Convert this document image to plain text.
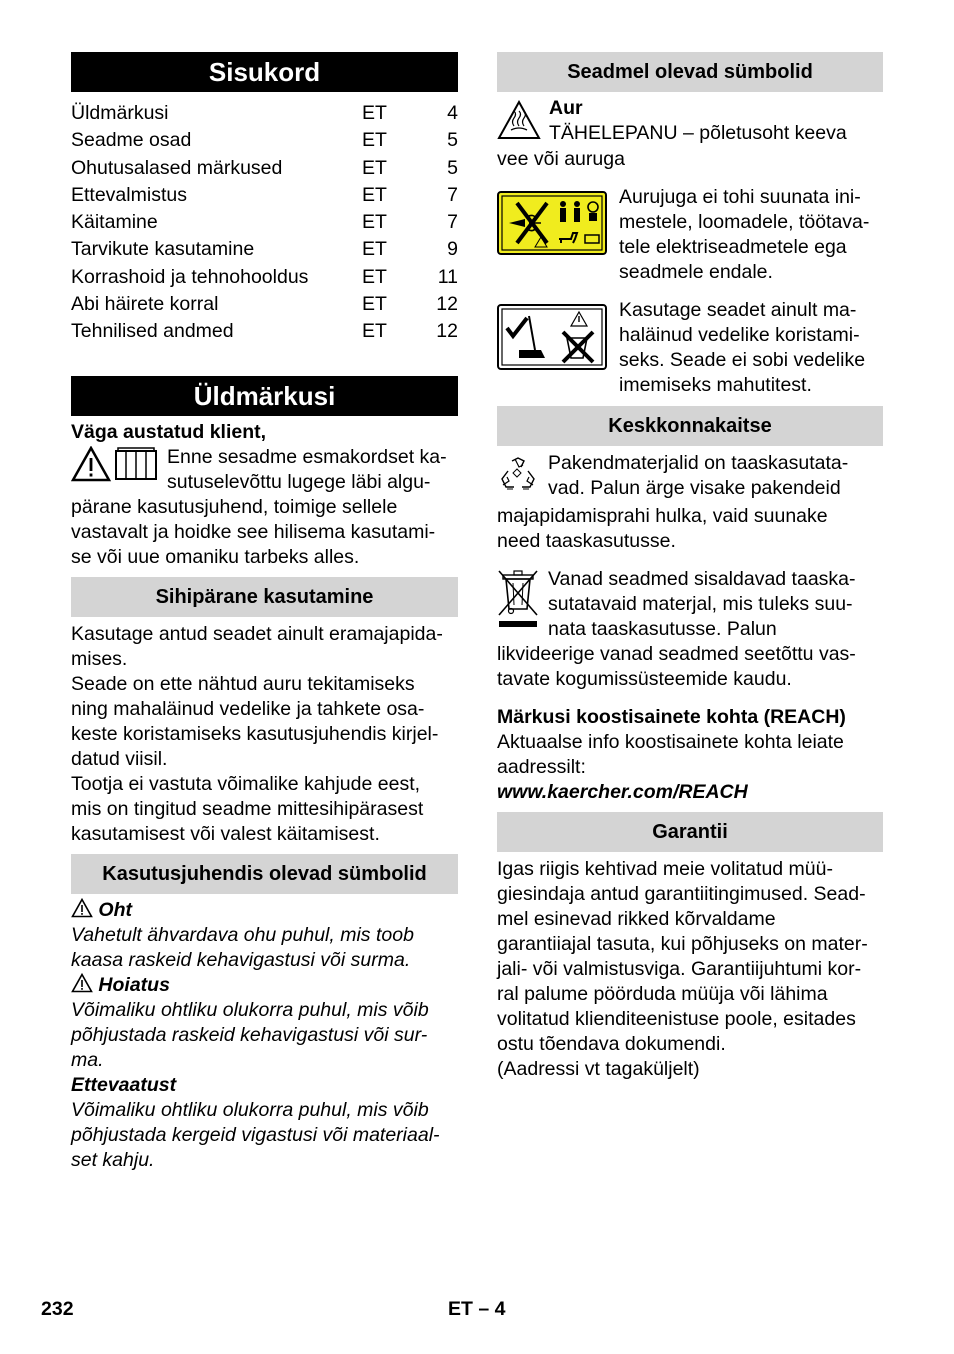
Sisukord
Üldmärkusi	ET	4
Seadme osad	ET	5
Ohutusalased märkused	ET	5
Ettevalmistus	ET	7
Käitamine	ET	7
Tarvikute kasutamine	ET	9
Korrashoid ja tehnohooldus	ET	11
Abi häirete korral	ET	12
Tehnilised andmed	ET	12
Üldmärkusi
Väga austatud klient,
Enne sesadme esmakordset ka-
sutuselevõttu lugege läbi algu-
pärane kasutusjuhend, toimige sellele
vastavalt ja hoidke see hilisema kasutami-
se või uue omaniku tarbeks alles.
Sihipärane kasutamine
Kasutage antud seadet ainult eramajapida-
mises.
Seade on ette nähtud auru tekitamiseks
ning mahaläinud vedelike ja tahkete osa-
keste koristamiseks kasutusjuhendis kirjel-
datud viisil.
Tootja ei vastuta võimalike kahjude eest,
mis on tingitud seadme mittesihipärasest
kasutamisest või valest käitamisest.
Kasutusjuhendis olevad sümbolid
Oht
Vahetult ähvardava ohu puhul, mis toob
kaasa raskeid kehavigastusi või surma.
Hoiatus
Võimaliku ohtliku olukorra puhul, mis võib
põhjustada raskeid kehavigastusi või sur-
ma.
Ettevaatust
Võimaliku ohtliku olukorra puhul, mis võib
põhjustada kergeid vigastusi või materiaal-
set kahju.
Seadmel olevad sümbolid
Aur
TÄHELEPANU – põletusoht keeva
vee või auruga
Aurujuga ei tohi suunata ini-
mestele, loomadele, töötava-
tele elektriseadmetele ega
seadmele endale.
Kasutage seadet ainult ma-
haläinud vedelike koristami-
seks. Seade ei sobi vedelike
imemiseks mahutitest.
Keskkonnakaitse
Pakendmaterjalid on taaskasutata-
vad. Palun ärge visake pakendeid
majapidamisprahi hulka, vaid suunake
need taaskasutusse.
Vanad seadmed sisaldavad taaska-
sutatavaid materjal, mis tuleks suu-
nata taaskasutusse. Palun
likvideerige vanad seadmed seetõttu vas-
tavate kogumissüsteemide kaudu.
Märkusi koostisainete kohta (REACH)
Aktuaalse info koostisainete kohta leiate
aadressilt:
www.kaercher.com/REACH
Garantii
Igas riigis kehtivad meie volitatud müü-
giesindaja antud garantiitingimused. Sead-
mel esinevad rikked kõrvaldame
garantiiajal tasuta, kui põhjuseks on mater-
jali- või valmistusviga. Garantiijuhtumi kor-
ral palume pöörduda müüja või lähima
volitatud klienditeenistuse poole, esitades
ostu tõendava dokumendi.
(Aadressi vt tagaküljelt)
232	ET – 4
